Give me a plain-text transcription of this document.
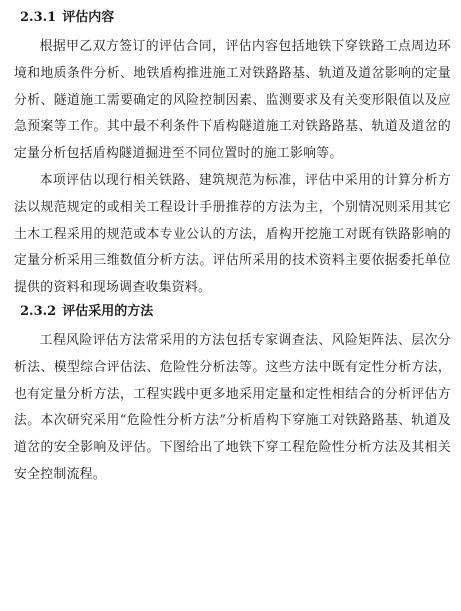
2.3.1 评估内容

根据甲乙双方签订的评估合同，评估内容包括地铁下穿铁路工点周边环境和地质条件分析、地铁盾构推进施工对铁路路基、轨道及道岔影响的定量分析、隧道施工需要确定的风险控制因素、监测要求及有关变形限值以及应急预案等工作。其中最不利条件下盾构隧道施工对铁路路基、轨道及道岔的定量分析包括盾构隧道掘进至不同位置时的施工影响等。

本项评估以现行相关铁路、建筑规范为标准，评估中采用的计算分析方法以规范规定的或相关工程设计手册推荐的方法为主，个别情况则采用其它土木工程采用的规范或本专业公认的方法，盾构开挖施工对既有铁路影响的定量分析采用三维数值分析方法。评估所采用的技术资料主要依据委托单位提供的资料和现场调查收集资料。

2.3.2 评估采用的方法

工程风险评估方法常采用的方法包括专家调查法、风险矩阵法、层次分析法、模型综合评估法、危险性分析法等。这些方法中既有定性分析方法，也有定量分析方法，工程实践中更多地采用定量和定性相结合的分析评估方法。本次研究采用“危险性分析方法”分析盾构下穿施工对铁路路基、轨道及道岔的安全影响及评估。下图给出了地铁下穿工程危险性分析方法及其相关安全控制流程。
